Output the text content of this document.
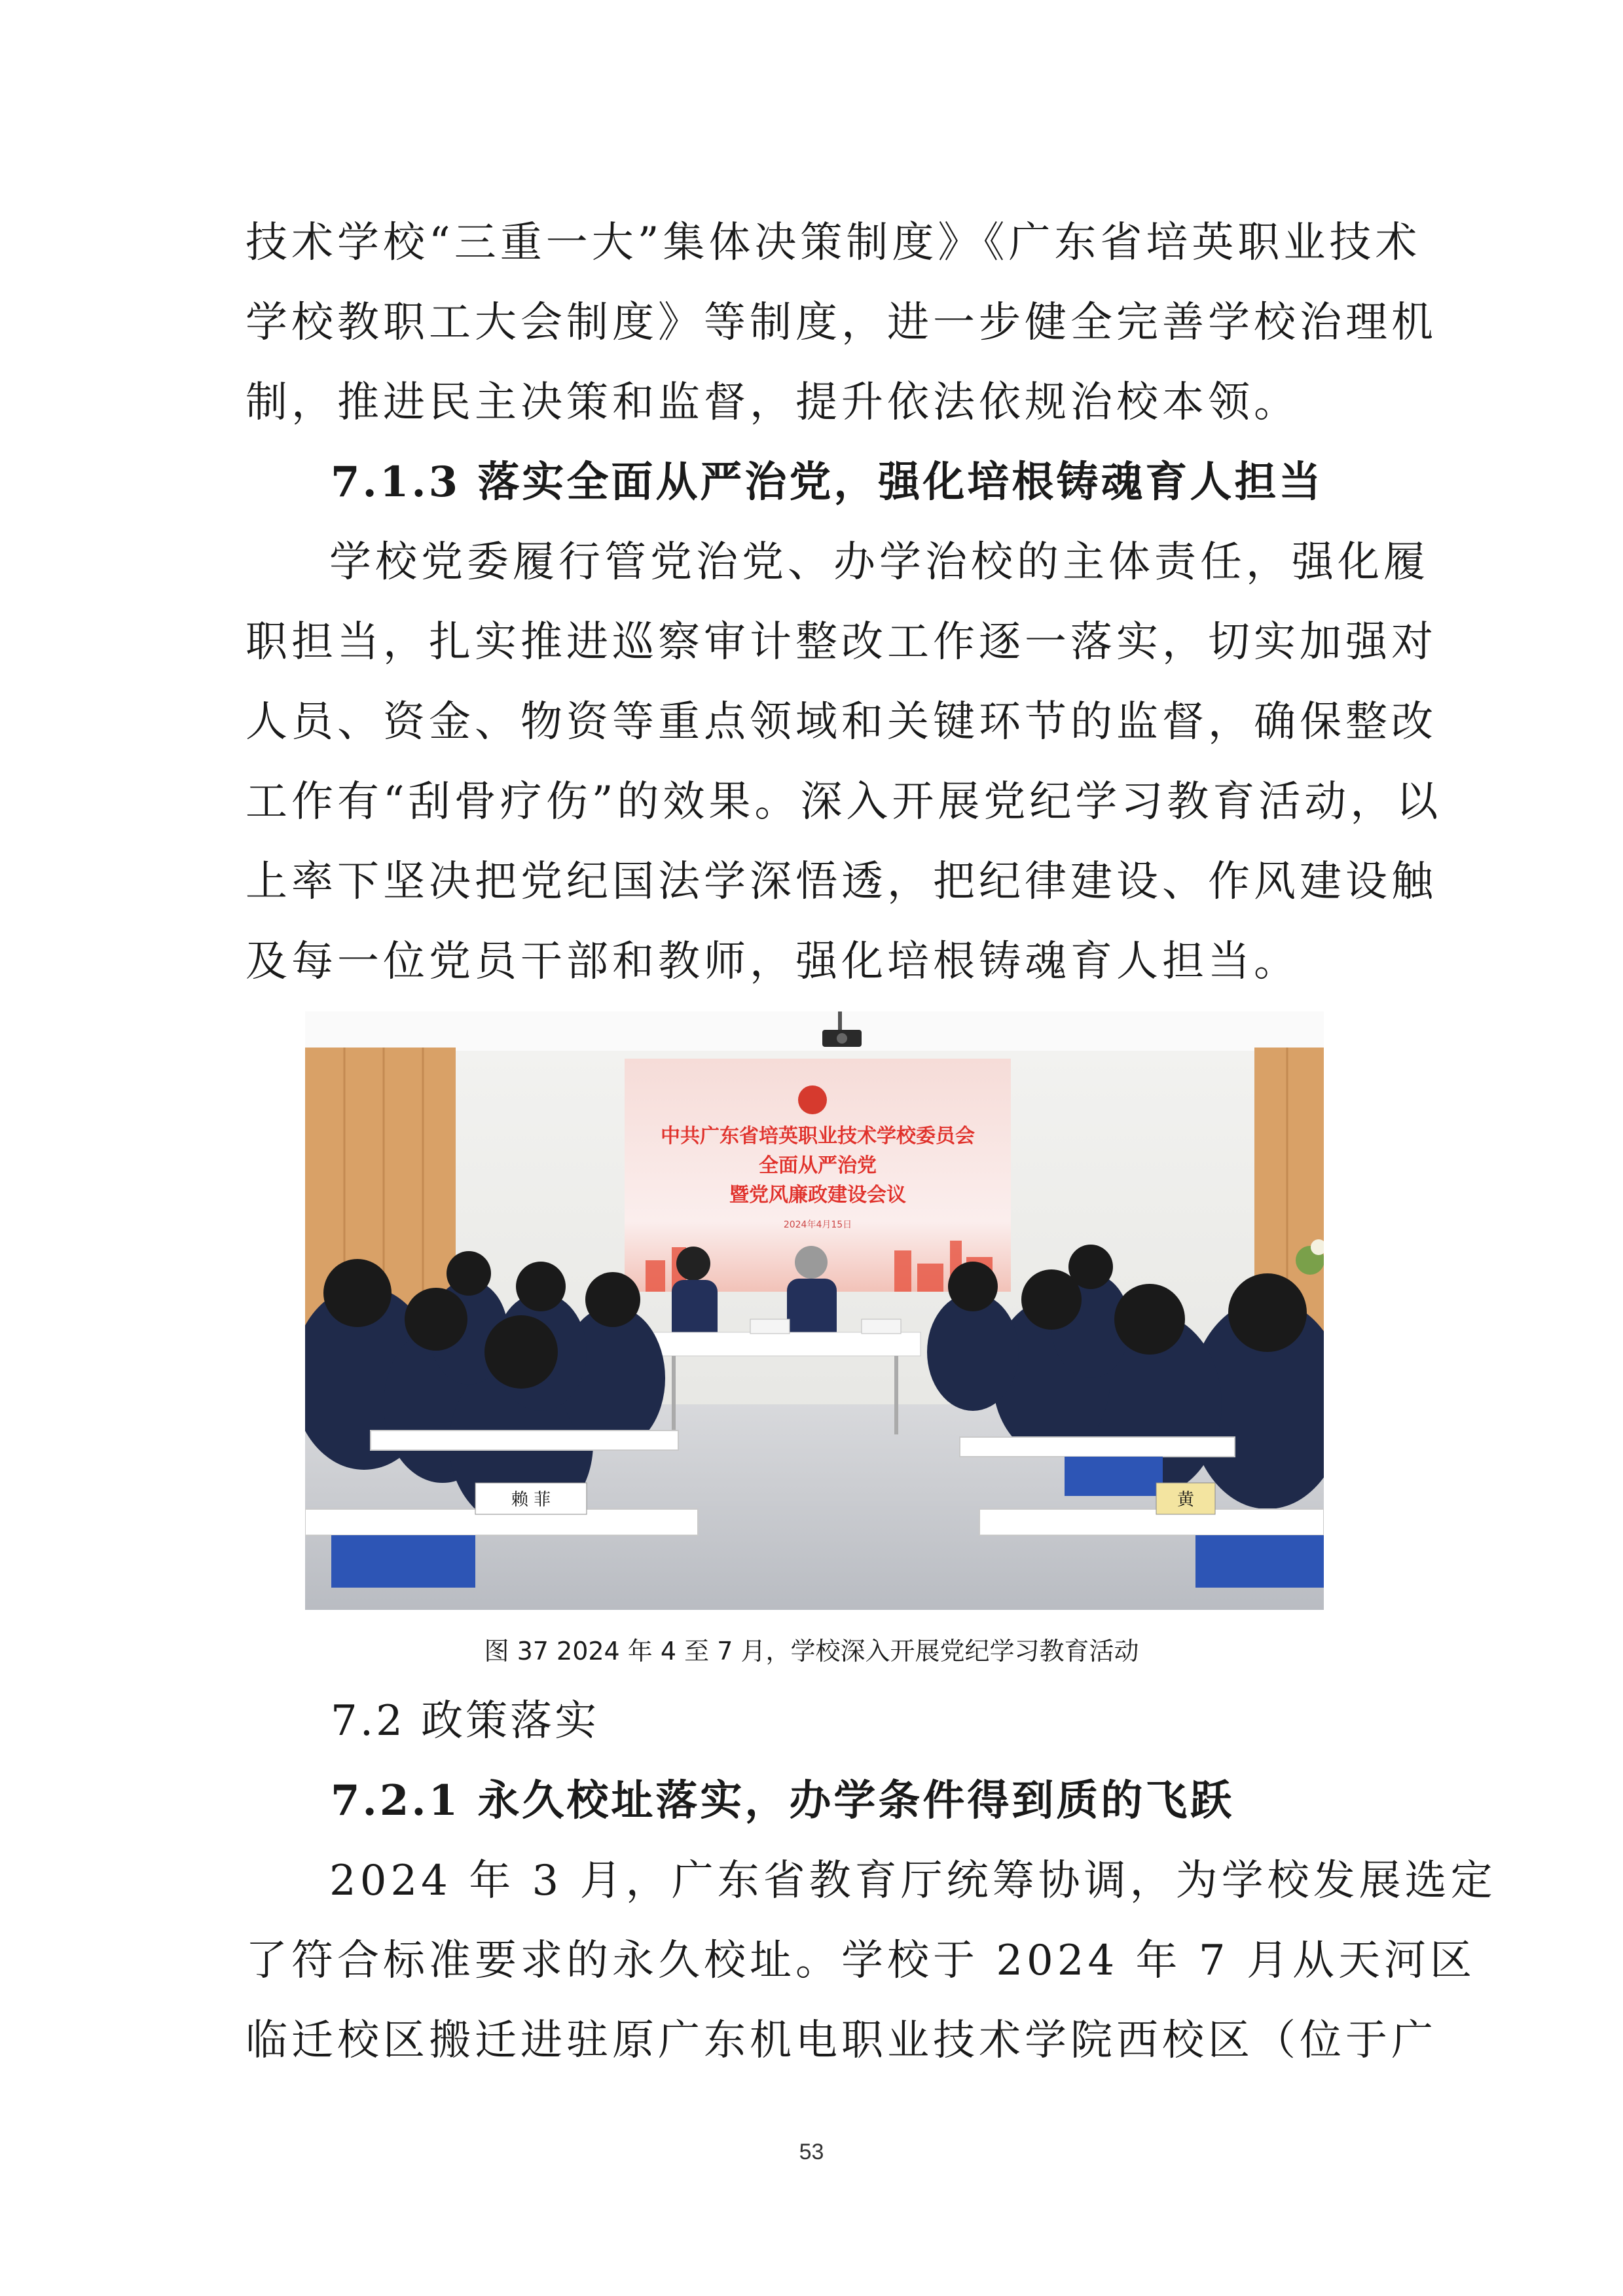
技术学校“三重一大”集体决策制度》《广东省培英职业技术
学校教职工大会制度》等制度，进一步健全完善学校治理机
制，推进民主决策和监督，提升依法依规治校本领。
7.1.3 落实全面从严治党，强化培根铸魂育人担当
学校党委履行管党治党、办学治校的主体责任，强化履
职担当，扎实推进巡察审计整改工作逐一落实，切实加强对
人员、资金、物资等重点领域和关键环节的监督，确保整改
工作有“刮骨疗伤”的效果。深入开展党纪学习教育活动，以
上率下坚决把党纪国法学深悟透，把纪律建设、作风建设触
及每一位党员干部和教师，强化培根铸魂育人担当。
中共广东省培英职业技术学校委员会
全面从严治党
暨党风廉政建设会议
2024年4月15日
赖 菲	黄
图 37 2024 年 4 至 7 月，学校深入开展党纪学习教育活动
7.2 政策落实
7.2.1 永久校址落实，办学条件得到质的飞跃
2024 年 3 月，广东省教育厅统筹协调，为学校发展选定
了符合标准要求的永久校址。学校于 2024 年 7 月从天河区
临迁校区搬迁进驻原广东机电职业技术学院西校区（位于广
53
